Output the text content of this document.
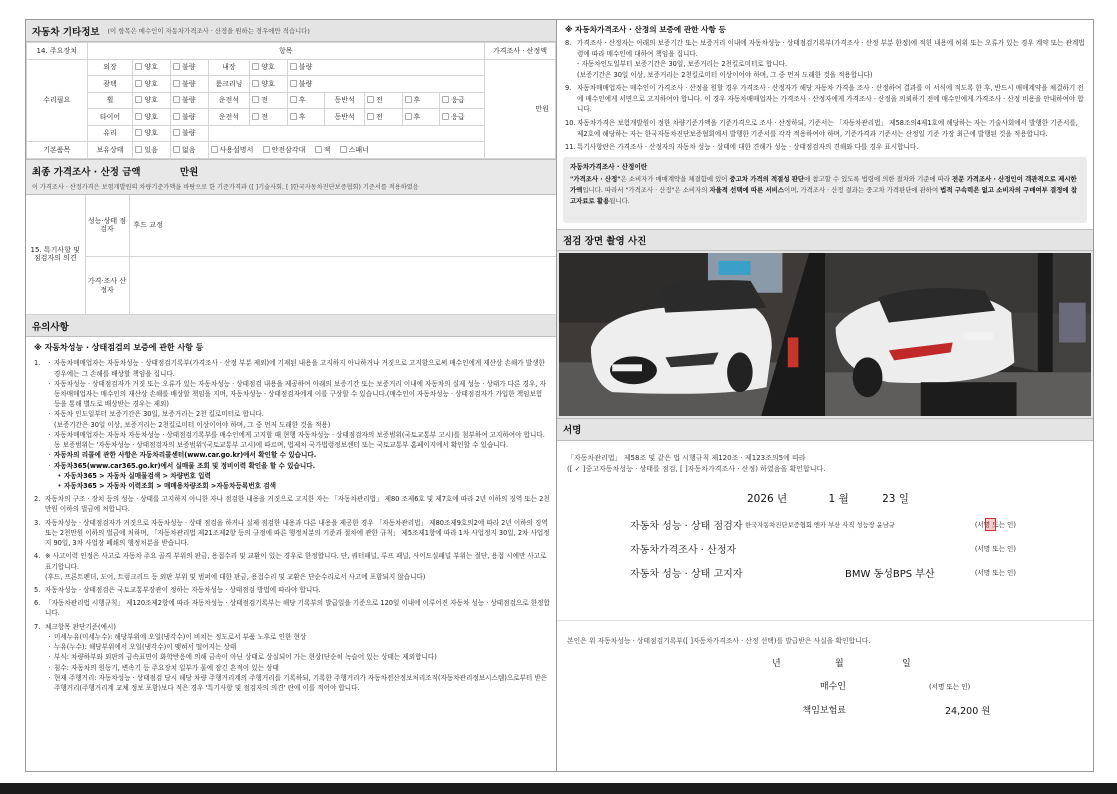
자동차 기타정보 (이 항목은 매수인이 자동차가격조사 · 산정을 원하는 경우에만 적습니다)
14. 주요장치	항목										가격조사 · 산정액
수리필요	외장	양호	불량	내장	양호	불량					만원
	광택	양호	불량	룸크리닝	양호	불량					
	휠	양호	불량	운전석	전	후	동반석	전	후	응급	
	타이어	양호	불량	운전석	전	후	동반석	전	후	응급	
	유리	양호	불량								
기본품목	보유상태	있음	없음	사용설명서 안전삼각대 잭 스패너							
최종 가격조사 · 산정 금액	만원
이 가격조사 · 산정가격은 보험개발원의 차량기준가액을 바탕으로 한 기준가격과 ([ ]기술사회, [ ]한국자동차진단보증협회) 기준서를 적용하였음
15. 특기사항 및 점검자의 의견	성능·상태 점검자	후드 교정
	가격·조사 산정자	
유의사항
※ 자동차성능 · 상태점검의 보증에 관한 사항 등
1.	· 자동차매매업자는 자동차성능 · 상태점검기록부(가격조사 · 산정 부분 제외)에 기재된 내용을 고지하지 아니하거나 거짓으로 고지함으로써 매수인에게 재산상 손해가 발생한 경우에는 그 손해를 배상할 책임을 집니다.
· 자동차성능 · 상태점검자가 거짓 또는 오류가 있는 자동차성능 · 상태점검 내용을 제공하여 아래의 보증기간 또는 보증거리 이내에 자동차의 실제 성능 · 상태가 다른 경우, 자동차매매업자는 매수인의 재산상 손해를 배상할 책임을 지며, 자동차성능 · 상태점검자에게 이를 구상할 수 있습니다.(매수인이 자동차성능 · 상태점검자가 가입한 책임보험 등을 통해 별도로 배상받는 경우는 제외)
· 자동차 인도일부터 보증기간은 30일, 보증거리는 2천 킬로미터로 합니다.
(보증기간은 30일 이상, 보증거리는 2천킬로미터 이상이어야 하며, 그 중 먼저 도래한 것을 적용)
· 자동차매매업자는 자동차 자동차성능 · 상태점검기록부를 매수인에게 고지할 때 현행 자동차성능 · 상태점검자의 보증범위(국토교통부 고시)를 첨부하여 고지하여야 합니다. 동 보증범위는 '자동차성능 · 상태점검자의 보증범위'(국토교통부 고시)에 따르며, 법제처 국가법령정보센터 또는 국토교통부 홈페이지에서 확인할 수 있습니다.
· 자동차의 리콜에 관한 사항은 자동차리콜센터(www.car.go.kr)에서 확인할 수 있습니다.
· 자동차365(www.car365.go.kr)에서 실매물 조회 및 정비이력 확인을 할 수 있습니다.
• 자동차365 > 자동차 실매물검색 > 차량번호 입력
• 자동차365 > 자동차 이력조회 > 매매용차량조회 >자동차등록번호 검색
2. 자동차의 구조 · 장치 등의 성능 · 상태를 고지하지 아니한 자나 점검한 내용을 거짓으로 고지한 자는 「자동차관리법」 제80 조제6호 및 제7호에 따라 2년 이하의 징역 또는 2천만원 이하의 벌금에 처합니다.
3. 자동차성능 · 상태점검자가 거짓으로 자동차성능 · 상태 점검을 하거나 실제 점검한 내용과 다른 내용을 제공한 경우 「자동차관리법」 제80조제9호의2에 따라 2년 이하의 징역 또는 2천만원 이하의 벌금에 처하며, 「자동차관리법 제21조제2항 등의 규정에 따른 행정처분의 기준과 절차에 관한 규칙」 제5조제1항에 따라 1차 사업정지 30일, 2차 사업정지 90일, 3차 사업장 폐쇄의 행정처분을 받습니다.
4. ※ 사고이력 인정은 사고로 자동차 주요 골격 부위의 판금, 용접수리 및 교환이 있는 경우로 한정합니다. 단, 쿼터패널, 루프 패널, 사이드실패널 부위는 절단, 용접 시에만 사고로 표기합니다.
(후드, 프론트펜더, 도어, 트렁크리드 등 외판 부위 및 범퍼에 대한 판금, 용접수리 및 교환은 단순수리로서 사고에 포함되지 않습니다)
5. 자동차성능 · 상태점검은 국토교통부장관이 정하는 자동차성능 · 상태점검 방법에 따라야 합니다.
6. 「자동차관리법 시행규칙」 제120조제2항에 따라 자동차성능 · 상태점검기록부는 해당 기록부의 발급일을 기준으로 120일 이내에 이루어진 자동차 성능 · 상태점검으로 한정합니다.
7. 체크항목 판단기준(예시)
· 미세누유(미세누수): 해당부위에 오일(냉각수)이 비치는 정도로서 부품 노후로 인한 현상
· 누유(누수): 해당부위에서 오일(냉각수)이 맺혀서 떨어지는 상태
· 부식: 차량하부와 외판의 금속표면이 화학반응에 의해 금속이 아닌 상태로 상실되어 가는 현상(단순히 녹슬어 있는 상태는 제외합니다)
· 침수: 자동차의 원동기, 변속기 등 주요장치 일부가 물에 잠긴 흔적이 있는 상태
· 현재 주행거리: 자동차성능 · 상태점검 당시 해당 차량 주행거리계의 주행거리를 기록하되, 기록한 주행거리가 자동차전산정보처리조직(자동차관리정보시스템)으로부터 받은 주행거리(주행거리계 교체 정보 포함)보다 적은 경우 '특기사항 및 점검자의 의견' 란에 이를 적어야 합니다.
※ 자동차가격조사 · 산정의 보증에 관한 사항 등
8. 가격조사 · 산정자는 아래의 보증기간 또는 보증거리 이내에 자동차성능 · 상태점검기록부(가격조사 · 산정 부분 한정)에 적힌 내용에 허위 또는 오류가 있는 경우 계약 또는 관계법령에 따라 매수인에 대하여 책임을 집니다.
- 자동차인도일부터 보증기간은 30일, 보증거리는 2천킬로미터로 합니다.
(보증기간은 30일 이상, 보증거리는 2천킬로미터 이상이어야 하며, 그 중 먼저 도래한 것을 적용합니다)
9. 자동차매매업자는 매수인이 가격조사 · 산정을 원할 경우 가격조사 · 산정자가 해당 자동차 가격을 조사 · 산정하여 결과를 이 서식에 적도록 한 후, 반드시 매매계약을 체결하기 전에 매수인에게 서면으로 고지하여야 합니다. 이 경우 자동차매매업자는 가격조사 · 산정자에게 가격조사 · 산정을 의뢰하기 전에 매수인에게 가격조사 · 산정 비용을 안내하여야 합니다.
10. 자동차가격은 보험개발원이 정한 차량기준가액을 기준가격으로 조사 · 산정하되, 기준서는 「자동차관리법」 제58조의4제1호에 해당하는 자는 기술사회에서 발행한 기준서를, 제2호에 해당하는 자는 한국자동차진단보증협회에서 발행한 기준서를 각각 적용하여야 하며, 기준가격과 기준서는 산정일 기준 가장 최근에 발행된 것을 적용합니다.
11. 특기사항란은 가격조사 · 산정자의 자동차 성능 · 상태에 대한 견해가 성능 · 상태점검자의 견해와 다를 경우 표시합니다.
자동차가격조사 · 산정이란
"가격조사 · 산정"은 소비자가 매매계약을 체결함에 있어 중고차 가격의 적절성 판단에 참고할 수 있도록 법령에 의한 절차와 기준에 따라 전문 가격조사 · 산정인이 객관적으로 제시한 가액입니다. 따라서 "가격조사 · 산정"은 소비자의 자율적 선택에 따른 서비스이며, 가격조사 · 산정 결과는 중고차 가격판단에 관하여 법적 구속력은 없고 소비자의 구매여부 결정에 참고자료로 활용됩니다.
점검 장면 촬영 사진
서명
「자동차관리법」 제58조 및 같은 법 시행규칙 제120조 · 제123조의5에 따라
([ ✓ ]중고자동차성능 · 상태를 점검, [ ]자동차가격조사 · 산정) 하였음을 확인합니다.
2026 년	1 월	23 일
자동차 성능 · 상태 점검자 한국자동차진단보증협회 엔카 부산 사직 성능장 윤남규	(서명 또는 인)
자동차가격조사 · 산정자	(서명 또는 인)
자동차 성능 · 상태 고지자	BMW 동성BPS 부산	(서명 또는 인)
본인은 위 자동차성능 · 상태점검기록부([ ]자동차가격조사 · 산정 선택)를 발급받은 사실을 확인합니다.
년	월	일
매수인	(서명 또는 인)
책임보험료	24,200 원
